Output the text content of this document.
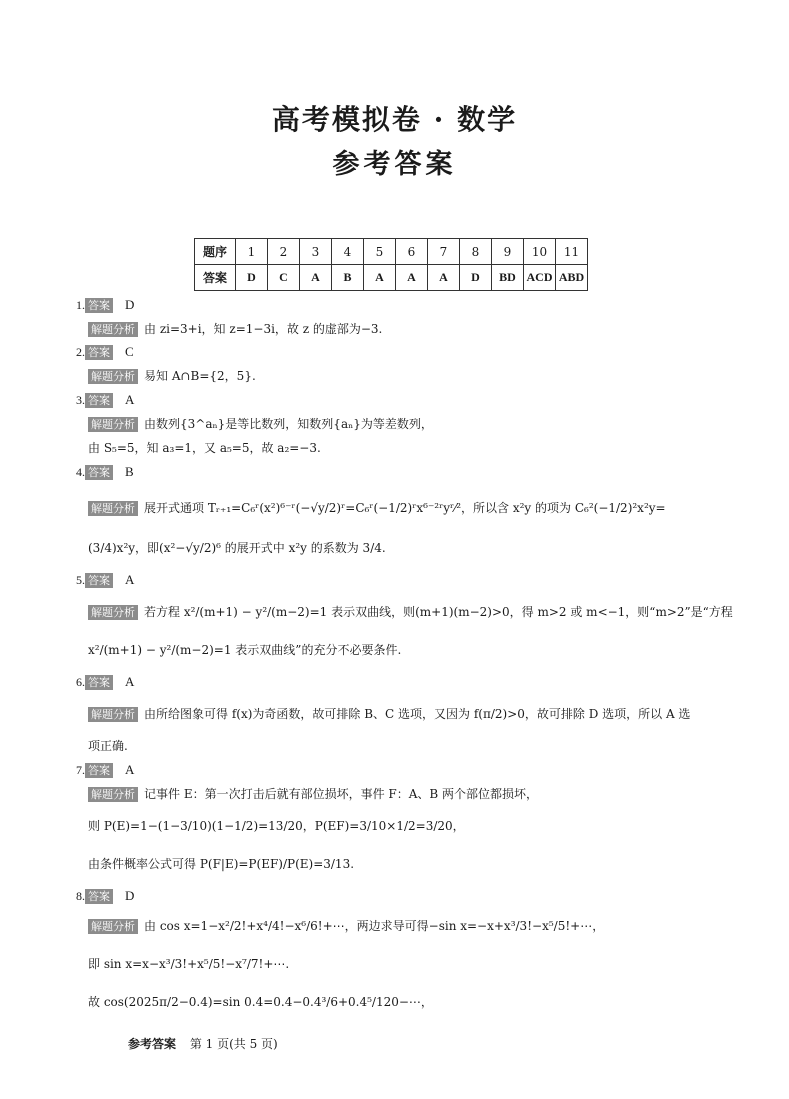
高考模拟卷 · 数学
参考答案
题序	1	2	3	4	5	6	7	8	9	10	11
答案	D	C	A	B	A	A	A	D	BD	ACD	ABD
1. 答案 D
解题分析 由 zi=3+i，知 z=1−3i，故 z 的虚部为−3.
2. 答案 C
解题分析 易知 A∩B={2，5}.
3. 答案 A
解题分析 由数列{3^aₙ}是等比数列，知数列{aₙ}为等差数列，
由 S₅=5，知 a₃=1，又 a₅=5，故 a₂=−3.
4. 答案 B
解题分析 展开式通项 Tᵣ₊₁=C₆ʳ(x²)⁶⁻ʳ(−√y/2)ʳ=C₆ʳ(−1/2)ʳx⁶⁻²ʳyʳ⁄²，所以含 x²y 的项为 C₆²(−1/2)²x²y=
(3/4)x²y，即(x²−√y/2)⁶ 的展开式中 x²y 的系数为 3/4.
5. 答案 A
解题分析 若方程 x²/(m+1) − y²/(m−2)=1 表示双曲线，则(m+1)(m−2)>0，得 m>2 或 m<−1，则“m>2”是“方程
x²/(m+1) − y²/(m−2)=1 表示双曲线”的充分不必要条件.
6. 答案 A
解题分析 由所给图象可得 f(x)为奇函数，故可排除 B、C 选项，又因为 f(π/2)>0，故可排除 D 选项，所以 A 选
项正确.
7. 答案 A
解题分析 记事件 E：第一次打击后就有部位损坏，事件 F：A、B 两个部位都损坏，
则 P(E)=1−(1−3/10)(1−1/2)=13/20，P(EF)=3/10×1/2=3/20，
由条件概率公式可得 P(F|E)=P(EF)/P(E)=3/13.
8. 答案 D
解题分析 由 cos x=1−x²/2!+x⁴/4!−x⁶/6!+⋯，两边求导可得−sin x=−x+x³/3!−x⁵/5!+⋯，
即 sin x=x−x³/3!+x⁵/5!−x⁷/7!+⋯.
故 cos(2025π/2−0.4)=sin 0.4=0.4−0.4³/6+0.4⁵/120−⋯，
参考答案 第 1 页(共 5 页)
